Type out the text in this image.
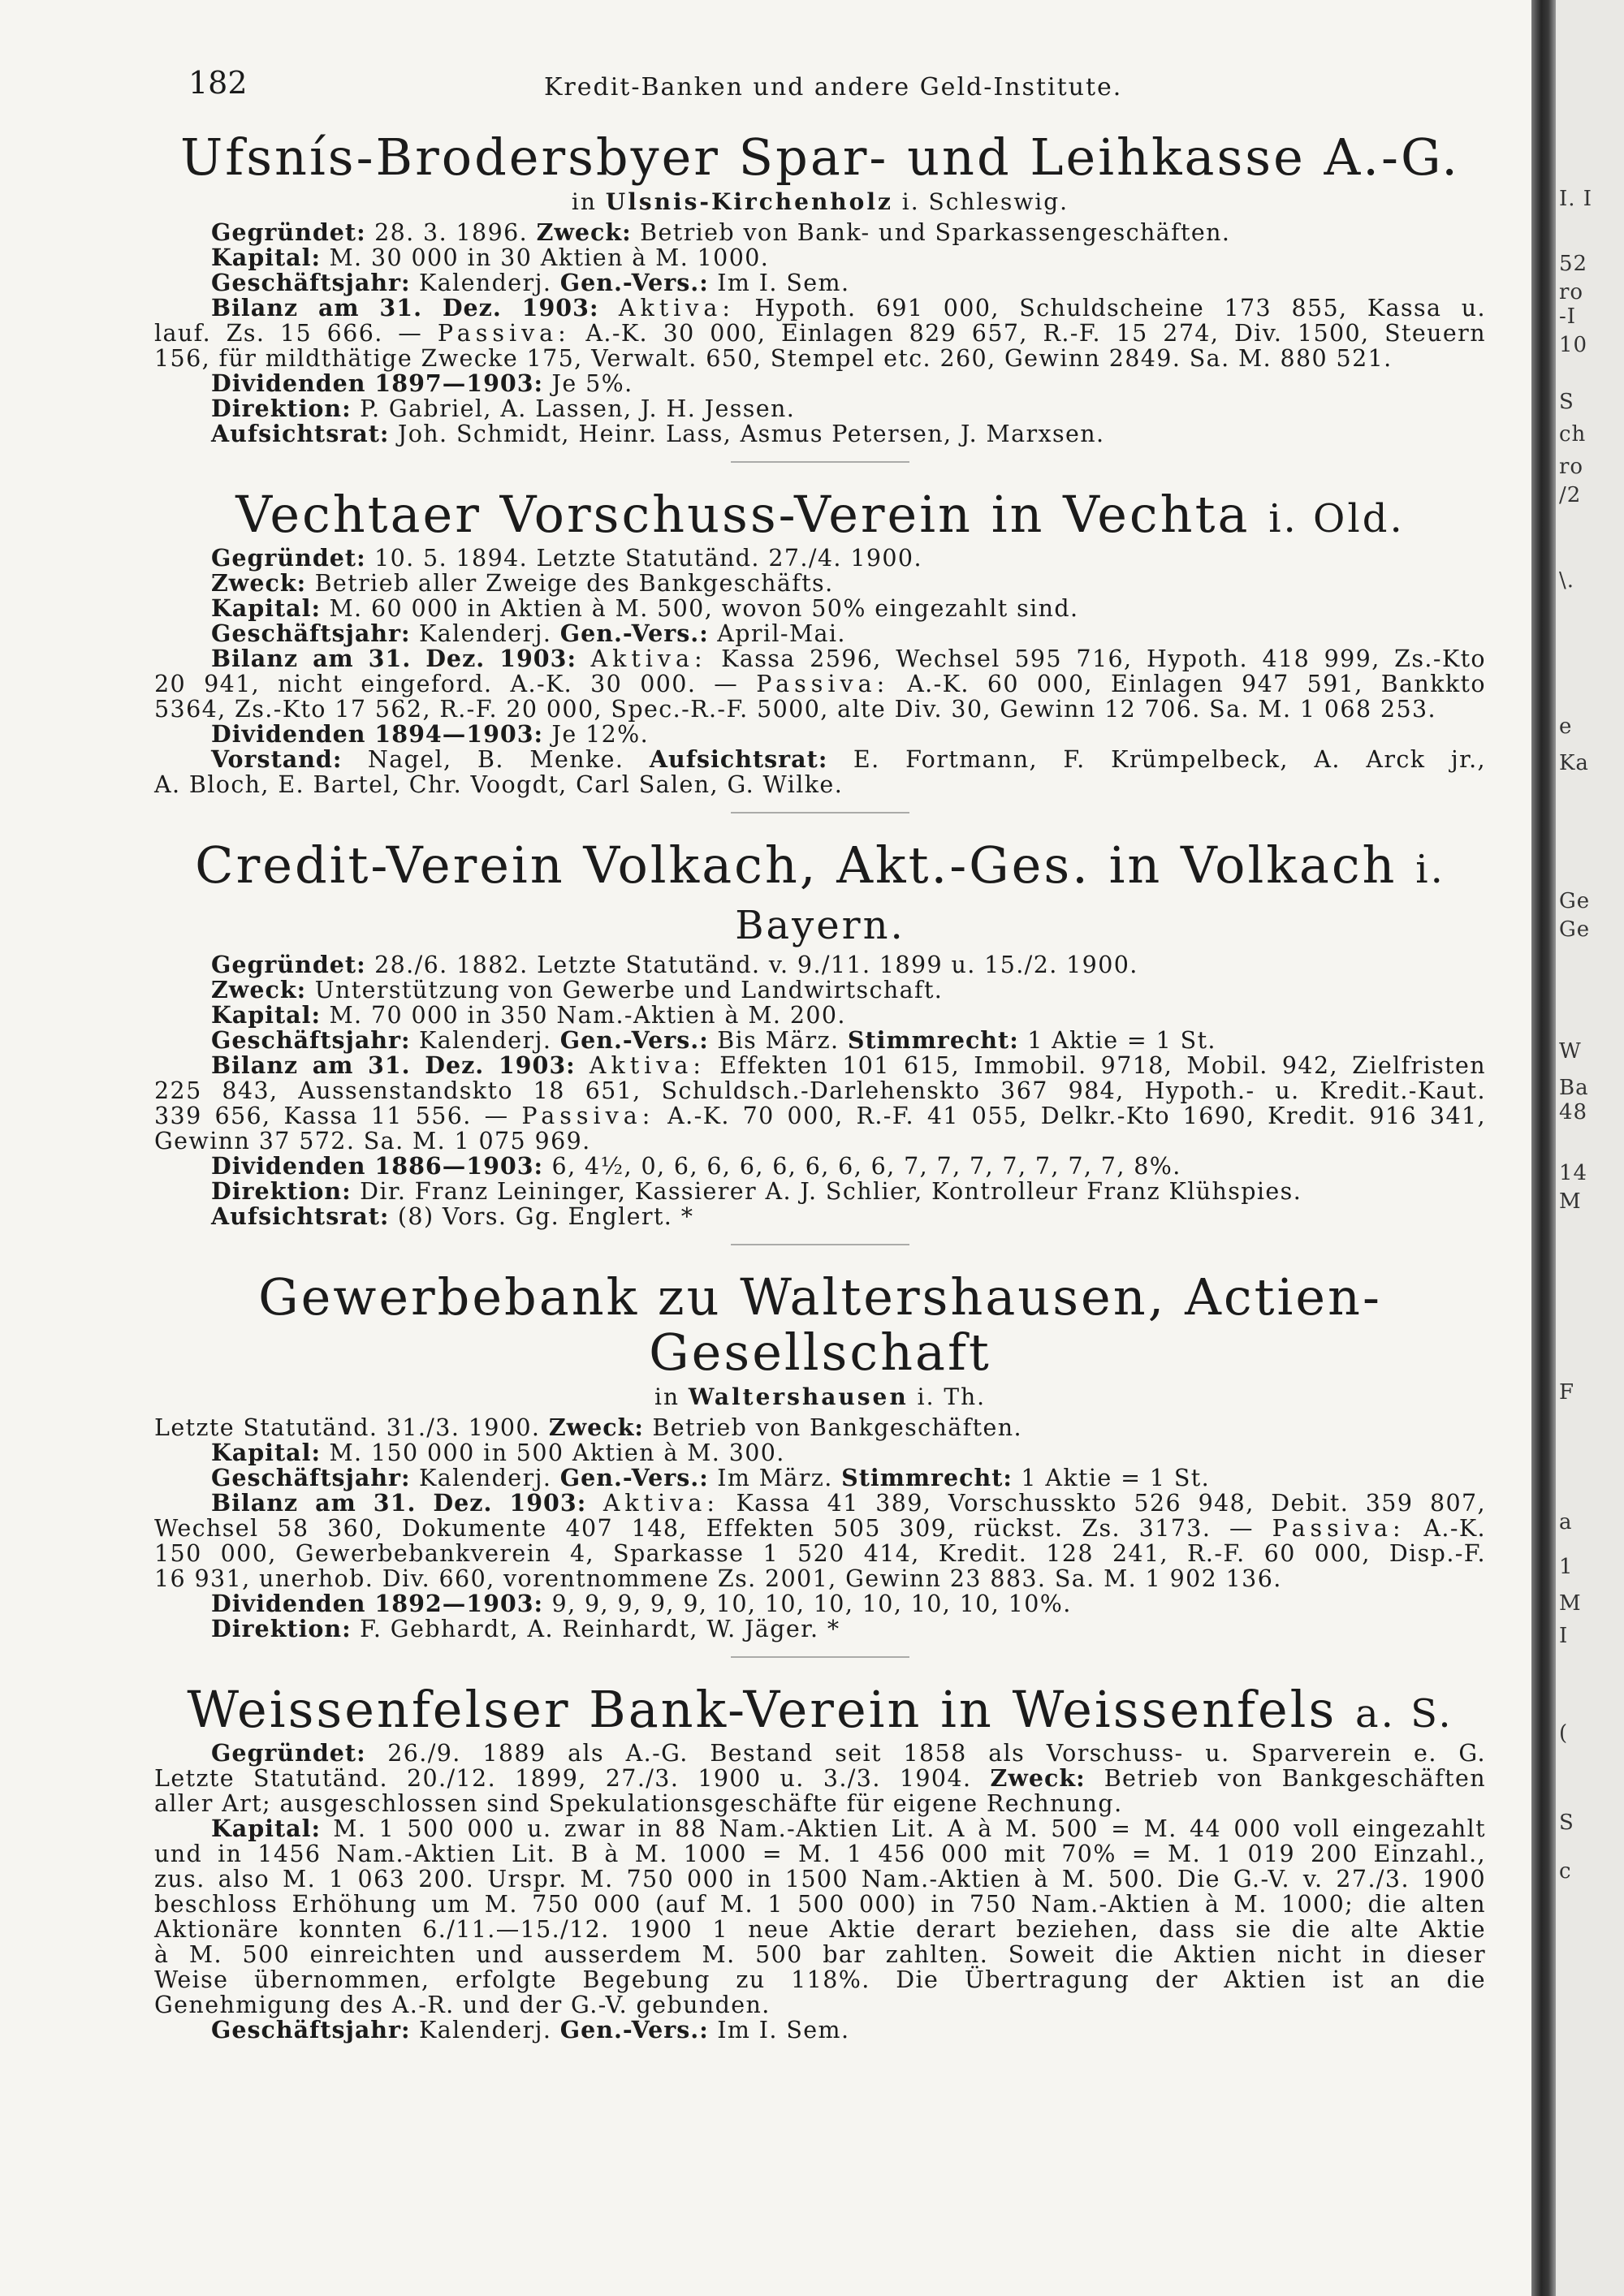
182	Kredit-Banken und andere Geld-Institute.
Ufsnís-Brodersbyer Spar- und Leihkasse A.-G.
in Ulsnis-Kirchenholz i. Schleswig.
Gegründet: 28. 3. 1896. Zweck: Betrieb von Bank- und Sparkassengeschäften.
Kapital: M. 30 000 in 30 Aktien à M. 1000.
Geschäftsjahr: Kalenderj. Gen.-Vers.: Im I. Sem.
Bilanz am 31. Dez. 1903: Aktiva: Hypoth. 691 000, Schuldscheine 173 855, Kassa u.
lauf. Zs. 15 666. — Passiva: A.-K. 30 000, Einlagen 829 657, R.-F. 15 274, Div. 1500, Steuern
156, für mildthätige Zwecke 175, Verwalt. 650, Stempel etc. 260, Gewinn 2849. Sa. M. 880 521.
Dividenden 1897—1903: Je 5%.
Direktion: P. Gabriel, A. Lassen, J. H. Jessen.
Aufsichtsrat: Joh. Schmidt, Heinr. Lass, Asmus Petersen, J. Marxsen.
Vechtaer Vorschuss-Verein in Vechta i. Old.
Gegründet: 10. 5. 1894. Letzte Statutänd. 27./4. 1900.
Zweck: Betrieb aller Zweige des Bankgeschäfts.
Kapital: M. 60 000 in Aktien à M. 500, wovon 50% eingezahlt sind.
Geschäftsjahr: Kalenderj. Gen.-Vers.: April-Mai.
Bilanz am 31. Dez. 1903: Aktiva: Kassa 2596, Wechsel 595 716, Hypoth. 418 999, Zs.-Kto
20 941, nicht eingeford. A.-K. 30 000. — Passiva: A.-K. 60 000, Einlagen 947 591, Bankkto
5364, Zs.-Kto 17 562, R.-F. 20 000, Spec.-R.-F. 5000, alte Div. 30, Gewinn 12 706. Sa. M. 1 068 253.
Dividenden 1894—1903: Je 12%.
Vorstand: Nagel, B. Menke. Aufsichtsrat: E. Fortmann, F. Krümpelbeck, A. Arck jr.,
A. Bloch, E. Bartel, Chr. Voogdt, Carl Salen, G. Wilke.
Credit-Verein Volkach, Akt.-Ges. in Volkach i. Bayern.
Gegründet: 28./6. 1882. Letzte Statutänd. v. 9./11. 1899 u. 15./2. 1900.
Zweck: Unterstützung von Gewerbe und Landwirtschaft.
Kapital: M. 70 000 in 350 Nam.-Aktien à M. 200.
Geschäftsjahr: Kalenderj. Gen.-Vers.: Bis März. Stimmrecht: 1 Aktie = 1 St.
Bilanz am 31. Dez. 1903: Aktiva: Effekten 101 615, Immobil. 9718, Mobil. 942, Zielfristen
225 843, Aussenstandskto 18 651, Schuldsch.-Darlehenskto 367 984, Hypoth.- u. Kredit.-Kaut.
339 656, Kassa 11 556. — Passiva: A.-K. 70 000, R.-F. 41 055, Delkr.-Kto 1690, Kredit. 916 341,
Gewinn 37 572. Sa. M. 1 075 969.
Dividenden 1886—1903: 6, 4½, 0, 6, 6, 6, 6, 6, 6, 6, 7, 7, 7, 7, 7, 7, 7, 8%.
Direktion: Dir. Franz Leininger, Kassierer A. J. Schlier, Kontrolleur Franz Klühspies.
Aufsichtsrat: (8) Vors. Gg. Englert. *
Gewerbebank zu Waltershausen, Actien-Gesellschaft
in Waltershausen i. Th.
Letzte Statutänd. 31./3. 1900. Zweck: Betrieb von Bankgeschäften.
Kapital: M. 150 000 in 500 Aktien à M. 300.
Geschäftsjahr: Kalenderj. Gen.-Vers.: Im März. Stimmrecht: 1 Aktie = 1 St.
Bilanz am 31. Dez. 1903: Aktiva: Kassa 41 389, Vorschusskto 526 948, Debit. 359 807,
Wechsel 58 360, Dokumente 407 148, Effekten 505 309, rückst. Zs. 3173. — Passiva: A.-K.
150 000, Gewerbebankverein 4, Sparkasse 1 520 414, Kredit. 128 241, R.-F. 60 000, Disp.-F.
16 931, unerhob. Div. 660, vorentnommene Zs. 2001, Gewinn 23 883. Sa. M. 1 902 136.
Dividenden 1892—1903: 9, 9, 9, 9, 9, 10, 10, 10, 10, 10, 10, 10%.
Direktion: F. Gebhardt, A. Reinhardt, W. Jäger. *
Weissenfelser Bank-Verein in Weissenfels a. S.
Gegründet: 26./9. 1889 als A.-G. Bestand seit 1858 als Vorschuss- u. Sparverein e. G.
Letzte Statutänd. 20./12. 1899, 27./3. 1900 u. 3./3. 1904. Zweck: Betrieb von Bankgeschäften
aller Art; ausgeschlossen sind Spekulationsgeschäfte für eigene Rechnung.
Kapital: M. 1 500 000 u. zwar in 88 Nam.-Aktien Lit. A à M. 500 = M. 44 000 voll eingezahlt
und in 1456 Nam.-Aktien Lit. B à M. 1000 = M. 1 456 000 mit 70% = M. 1 019 200 Einzahl.,
zus. also M. 1 063 200. Urspr. M. 750 000 in 1500 Nam.-Aktien à M. 500. Die G.-V. v. 27./3. 1900
beschloss Erhöhung um M. 750 000 (auf M. 1 500 000) in 750 Nam.-Aktien à M. 1000; die alten
Aktionäre konnten 6./11.—15./12. 1900 1 neue Aktie derart beziehen, dass sie die alte Aktie
à M. 500 einreichten und ausserdem M. 500 bar zahlten. Soweit die Aktien nicht in dieser
Weise übernommen, erfolgte Begebung zu 118%. Die Übertragung der Aktien ist an die
Genehmigung des A.-R. und der G.-V. gebunden.
Geschäftsjahr: Kalenderj. Gen.-Vers.: Im I. Sem.
I. I
52
ro
-I
10
S
ch
ro
/2
\.
e
Ka
Ge
Ge
W
Ba
48
14
M
F
a
1
M
I
(
S
c
